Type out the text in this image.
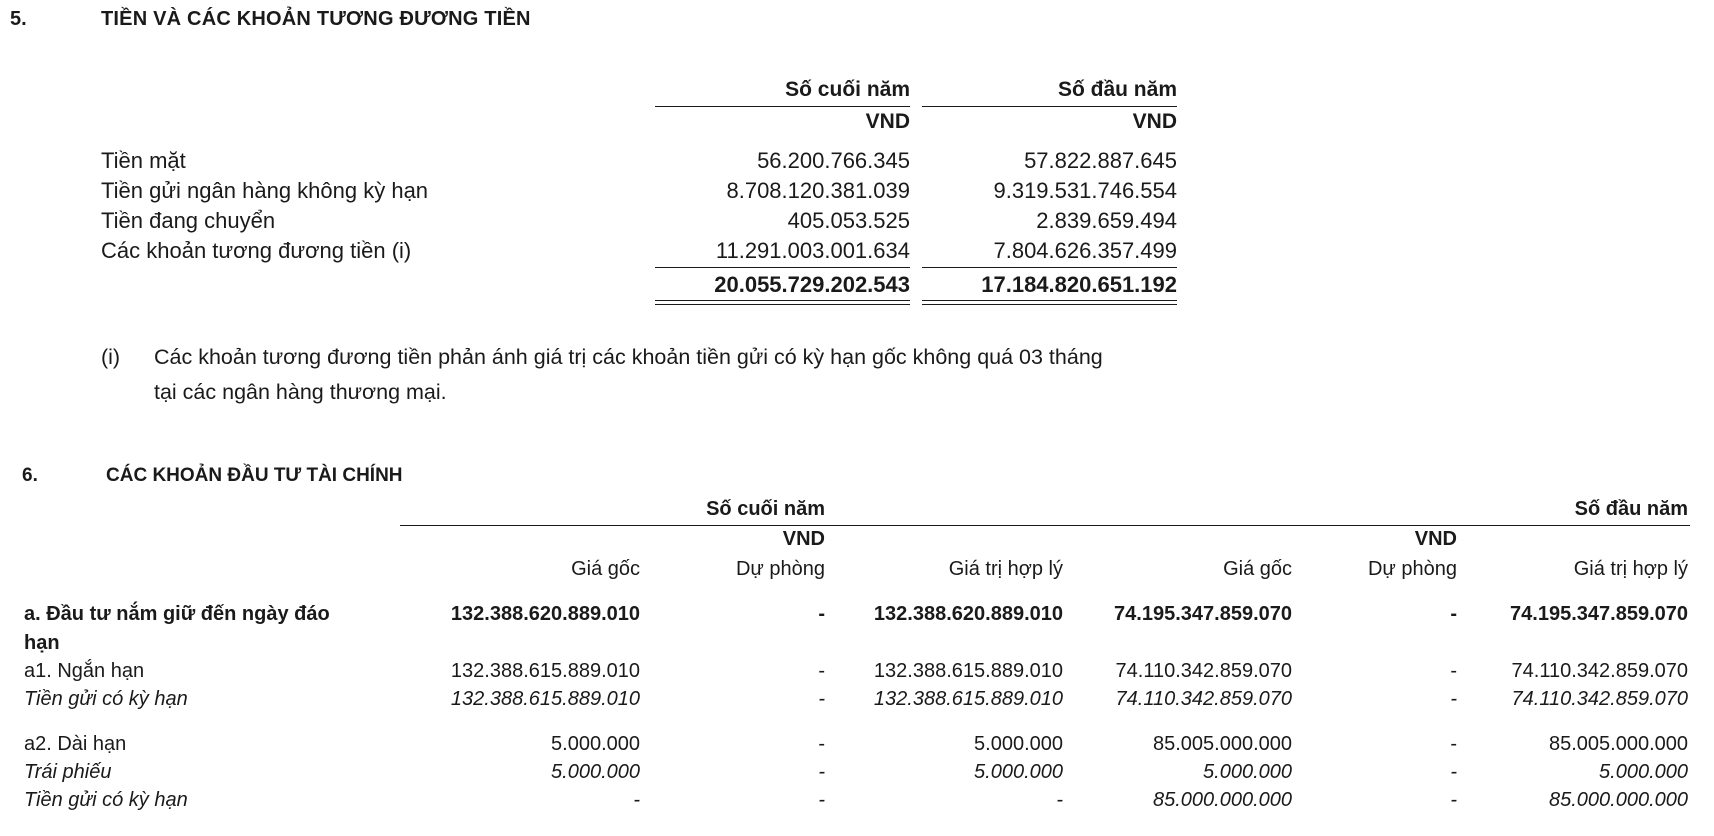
5.	TIỀN VÀ CÁC KHOẢN TƯƠNG ĐƯƠNG TIỀN
Số cuối năm	Số đầu năm
VND	VND
Tiền mặt	56.200.766.345	57.822.887.645
Tiền gửi ngân hàng không kỳ hạn	8.708.120.381.039	9.319.531.746.554
Tiền đang chuyển	405.053.525	2.839.659.494
Các khoản tương đương tiền (i)	11.291.003.001.634	7.804.626.357.499
20.055.729.202.543	17.184.820.651.192
(i) Các khoản tương đương tiền phản ánh giá trị các khoản tiền gửi có kỳ hạn gốc không quá 03 tháng
tại các ngân hàng thương mại.
6.	CÁC KHOẢN ĐẦU TƯ TÀI CHÍNH
Số cuối năm	Số đầu năm
VND	VND
Giá gốc	Dự phòng	Giá trị hợp lý	Giá gốc	Dự phòng	Giá trị hợp lý
a. Đầu tư nắm giữ đến ngày đáo
hạn
132.388.620.889.010	-	132.388.620.889.010	74.195.347.859.070	-	74.195.347.859.070
a1. Ngắn hạn	132.388.615.889.010	-	132.388.615.889.010	74.110.342.859.070	-	74.110.342.859.070
Tiền gửi có kỳ hạn	132.388.615.889.010	-	132.388.615.889.010	74.110.342.859.070	-	74.110.342.859.070
a2. Dài hạn	5.000.000	-	5.000.000	85.005.000.000	-	85.005.000.000
Trái phiếu	5.000.000	-	5.000.000	5.000.000	-	5.000.000
Tiền gửi có kỳ hạn	-	-	-	85.000.000.000	-	85.000.000.000
